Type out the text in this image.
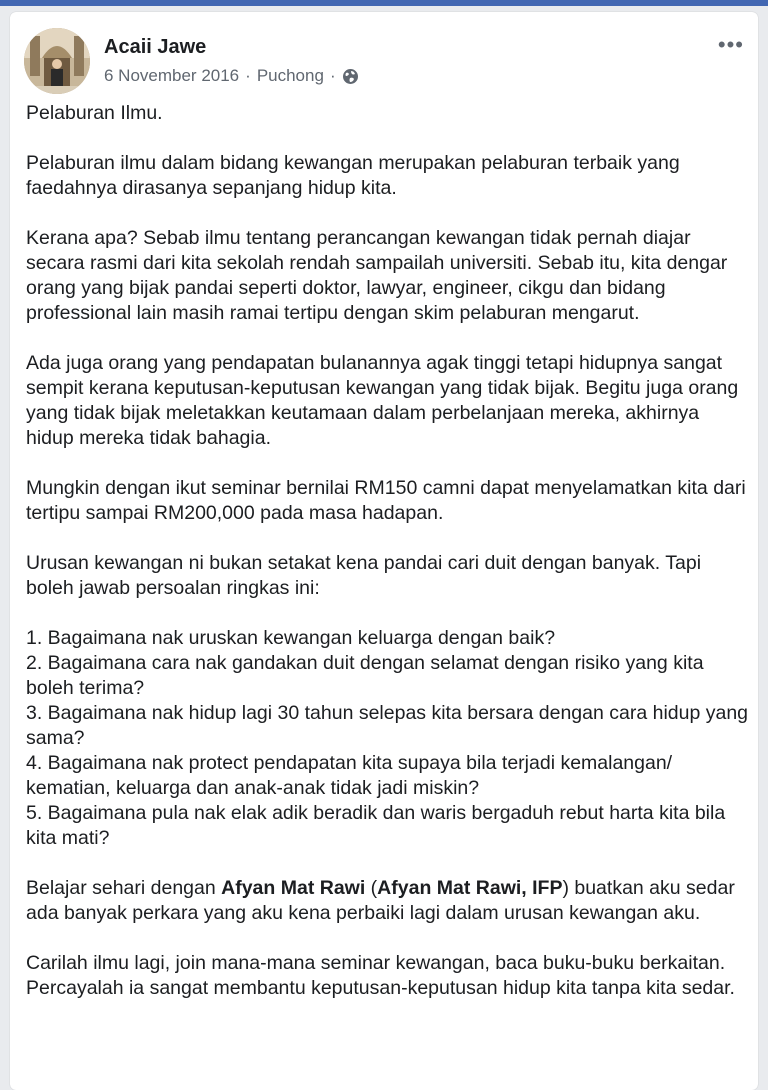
Acaii Jawe
6 November 2016 · Puchong ·
•••

Pelaburan Ilmu.

Pelaburan ilmu dalam bidang kewangan merupakan pelaburan terbaik yang faedahnya dirasanya sepanjang hidup kita.

Kerana apa? Sebab ilmu tentang perancangan kewangan tidak pernah diajar secara rasmi dari kita sekolah rendah sampailah universiti. Sebab itu, kita dengar orang yang bijak pandai seperti doktor, lawyar, engineer, cikgu dan bidang professional lain masih ramai tertipu dengan skim pelaburan mengarut.

Ada juga orang yang pendapatan bulanannya agak tinggi tetapi hidupnya sangat sempit kerana keputusan-keputusan kewangan yang tidak bijak. Begitu juga orang yang tidak bijak meletakkan keutamaan dalam perbelanjaan mereka, akhirnya hidup mereka tidak bahagia.

Mungkin dengan ikut seminar bernilai RM150 camni dapat menyelamatkan kita dari tertipu sampai RM200,000 pada masa hadapan.

Urusan kewangan ni bukan setakat kena pandai cari duit dengan banyak. Tapi boleh jawab persoalan ringkas ini:

1. Bagaimana nak uruskan kewangan keluarga dengan baik?

2. Bagaimana cara nak gandakan duit dengan selamat dengan risiko yang kita boleh terima?

3. Bagaimana nak hidup lagi 30 tahun selepas kita bersara dengan cara hidup yang sama?

4. Bagaimana nak protect pendapatan kita supaya bila terjadi kemalangan/ kematian, keluarga dan anak-anak tidak jadi miskin?

5. Bagaimana pula nak elak adik beradik dan waris bergaduh rebut harta kita bila kita mati?

Belajar sehari dengan Afyan Mat Rawi (Afyan Mat Rawi, IFP) buatkan aku sedar ada banyak perkara yang aku kena perbaiki lagi dalam urusan kewangan aku.

Carilah ilmu lagi, join mana-mana seminar kewangan, baca buku-buku berkaitan. Percayalah ia sangat membantu keputusan-keputusan hidup kita tanpa kita sedar.
